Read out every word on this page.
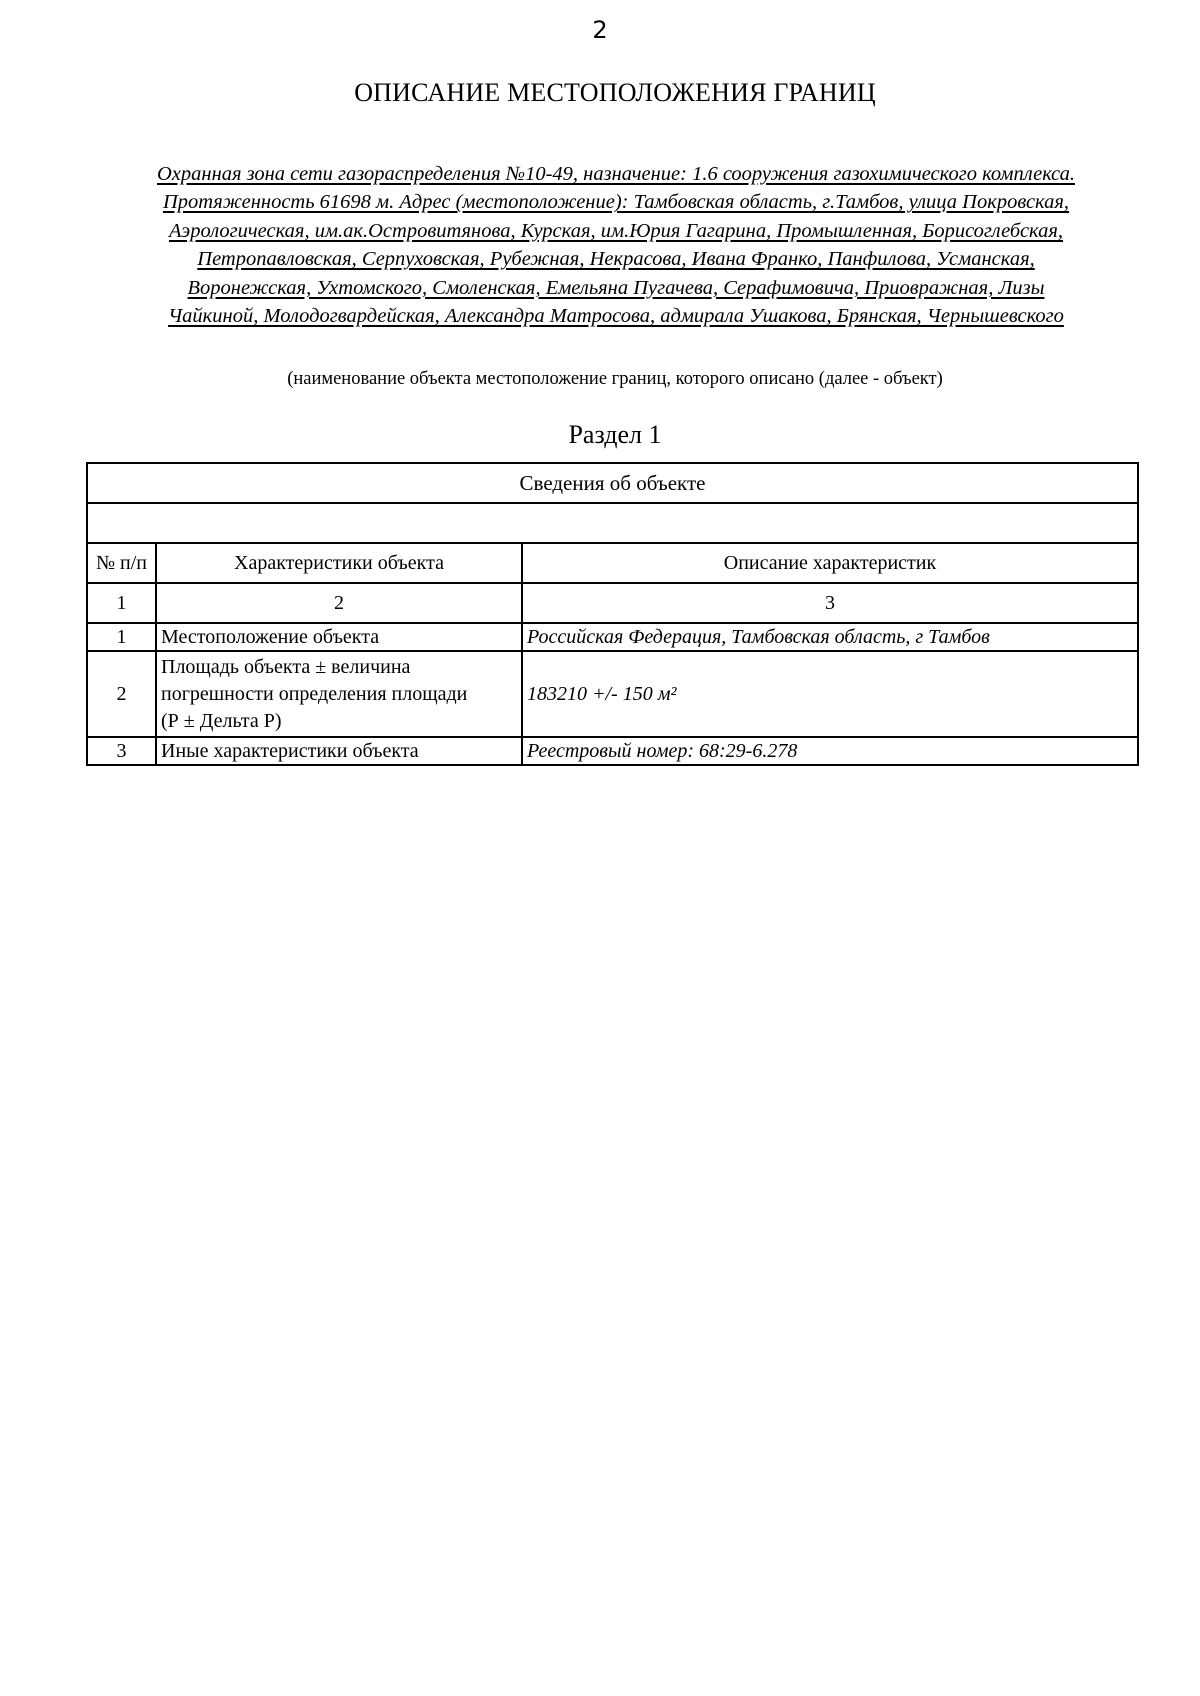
2
ОПИСАНИЕ МЕСТОПОЛОЖЕНИЯ ГРАНИЦ
Охранная зона сети газораспределения №10-49, назначение: 1.6 сооружения газохимического комплекса.
Протяженность 61698 м. Адрес (местоположение): Тамбовская область, г.Тамбов, улица Покровская,
Аэрологическая, им.ак.Островитянова, Курская, им.Юрия Гагарина, Промышленная, Борисоглебская,
Петропавловская, Серпуховская, Рубежная, Некрасова, Ивана Франко, Панфилова, Усманская,
Воронежская, Ухтомского, Смоленская, Емельяна Пугачева, Серафимовича, Приовражная, Лизы
Чайкиной, Молодогвардейская, Александра Матросова, адмирала Ушакова, Брянская, Чернышевского
(наименование объекта местоположение границ, которого описано (далее - объект)
Раздел 1
Сведения об объекте		

№ п/п	Характеристики объекта	Описание характеристик
1	2	3
1	Местоположение объекта	Российская Федерация, Тамбовская область, г Тамбов
2	Площадь объекта ± величина
погрешности определения площади
(Р ± Дельта Р)	183210 +/- 150 м²
3	Иные характеристики объекта	Реестровый номер: 68:29-6.278
